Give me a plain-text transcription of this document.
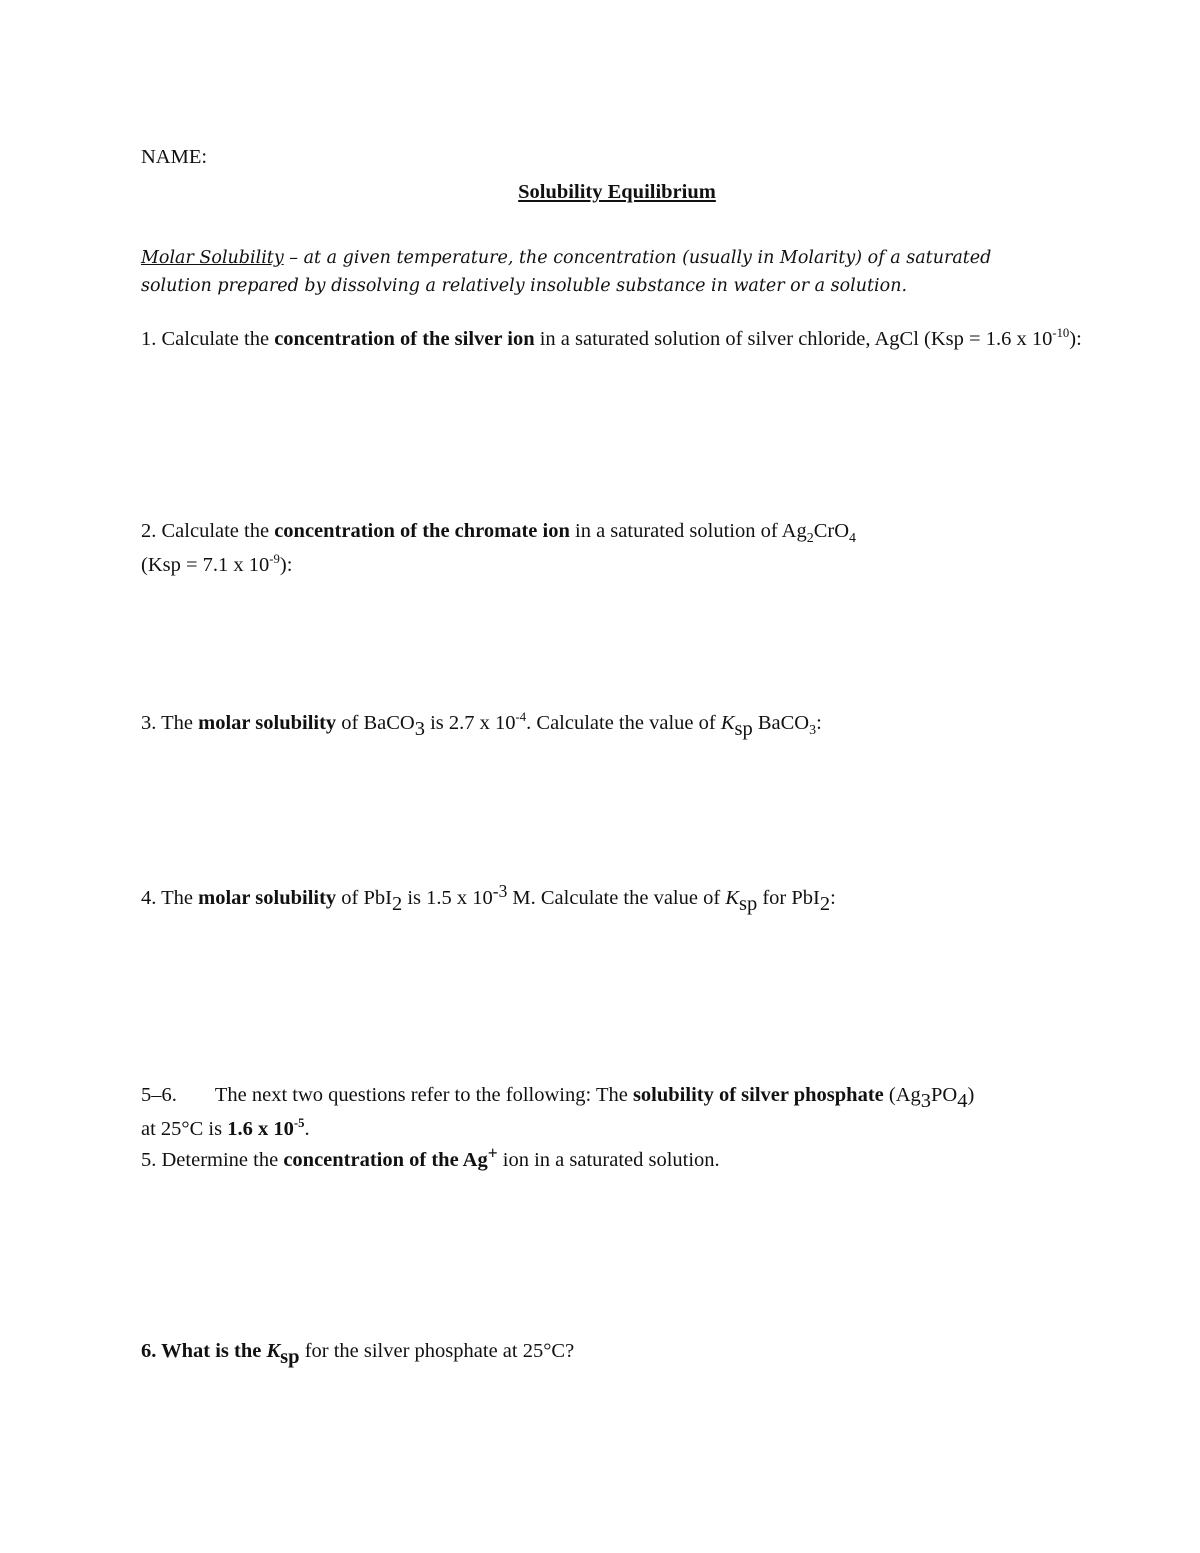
NAME:
Solubility Equilibrium
Molar Solubility – at a given temperature, the concentration (usually in Molarity) of a saturated solution prepared by dissolving a relatively insoluble substance in water or a solution.
1. Calculate the concentration of the silver ion in a saturated solution of silver chloride, AgCl (Ksp = 1.6 x $10^{-10}$):
2. Calculate the concentration of the chromate ion in a saturated solution of $Ag_2CrO_4$
(Ksp = 7.1 x $10^{-9}$):
3. The molar solubility of BaCO3 is 2.7 x $10^{-4}$. Calculate the value of Ksp BaCO$_3$:
4. The molar solubility of PbI2 is 1.5 x $10^{-3}$ M. Calculate the value of Ksp for PbI2:
5–6. The next two questions refer to the following: The solubility of silver phosphate (Ag3PO4)
at 25°C is 1.6 x $10^{-5}$.
5. Determine the concentration of the Ag+ ion in a saturated solution.
6. What is the Ksp for the silver phosphate at 25°C?
